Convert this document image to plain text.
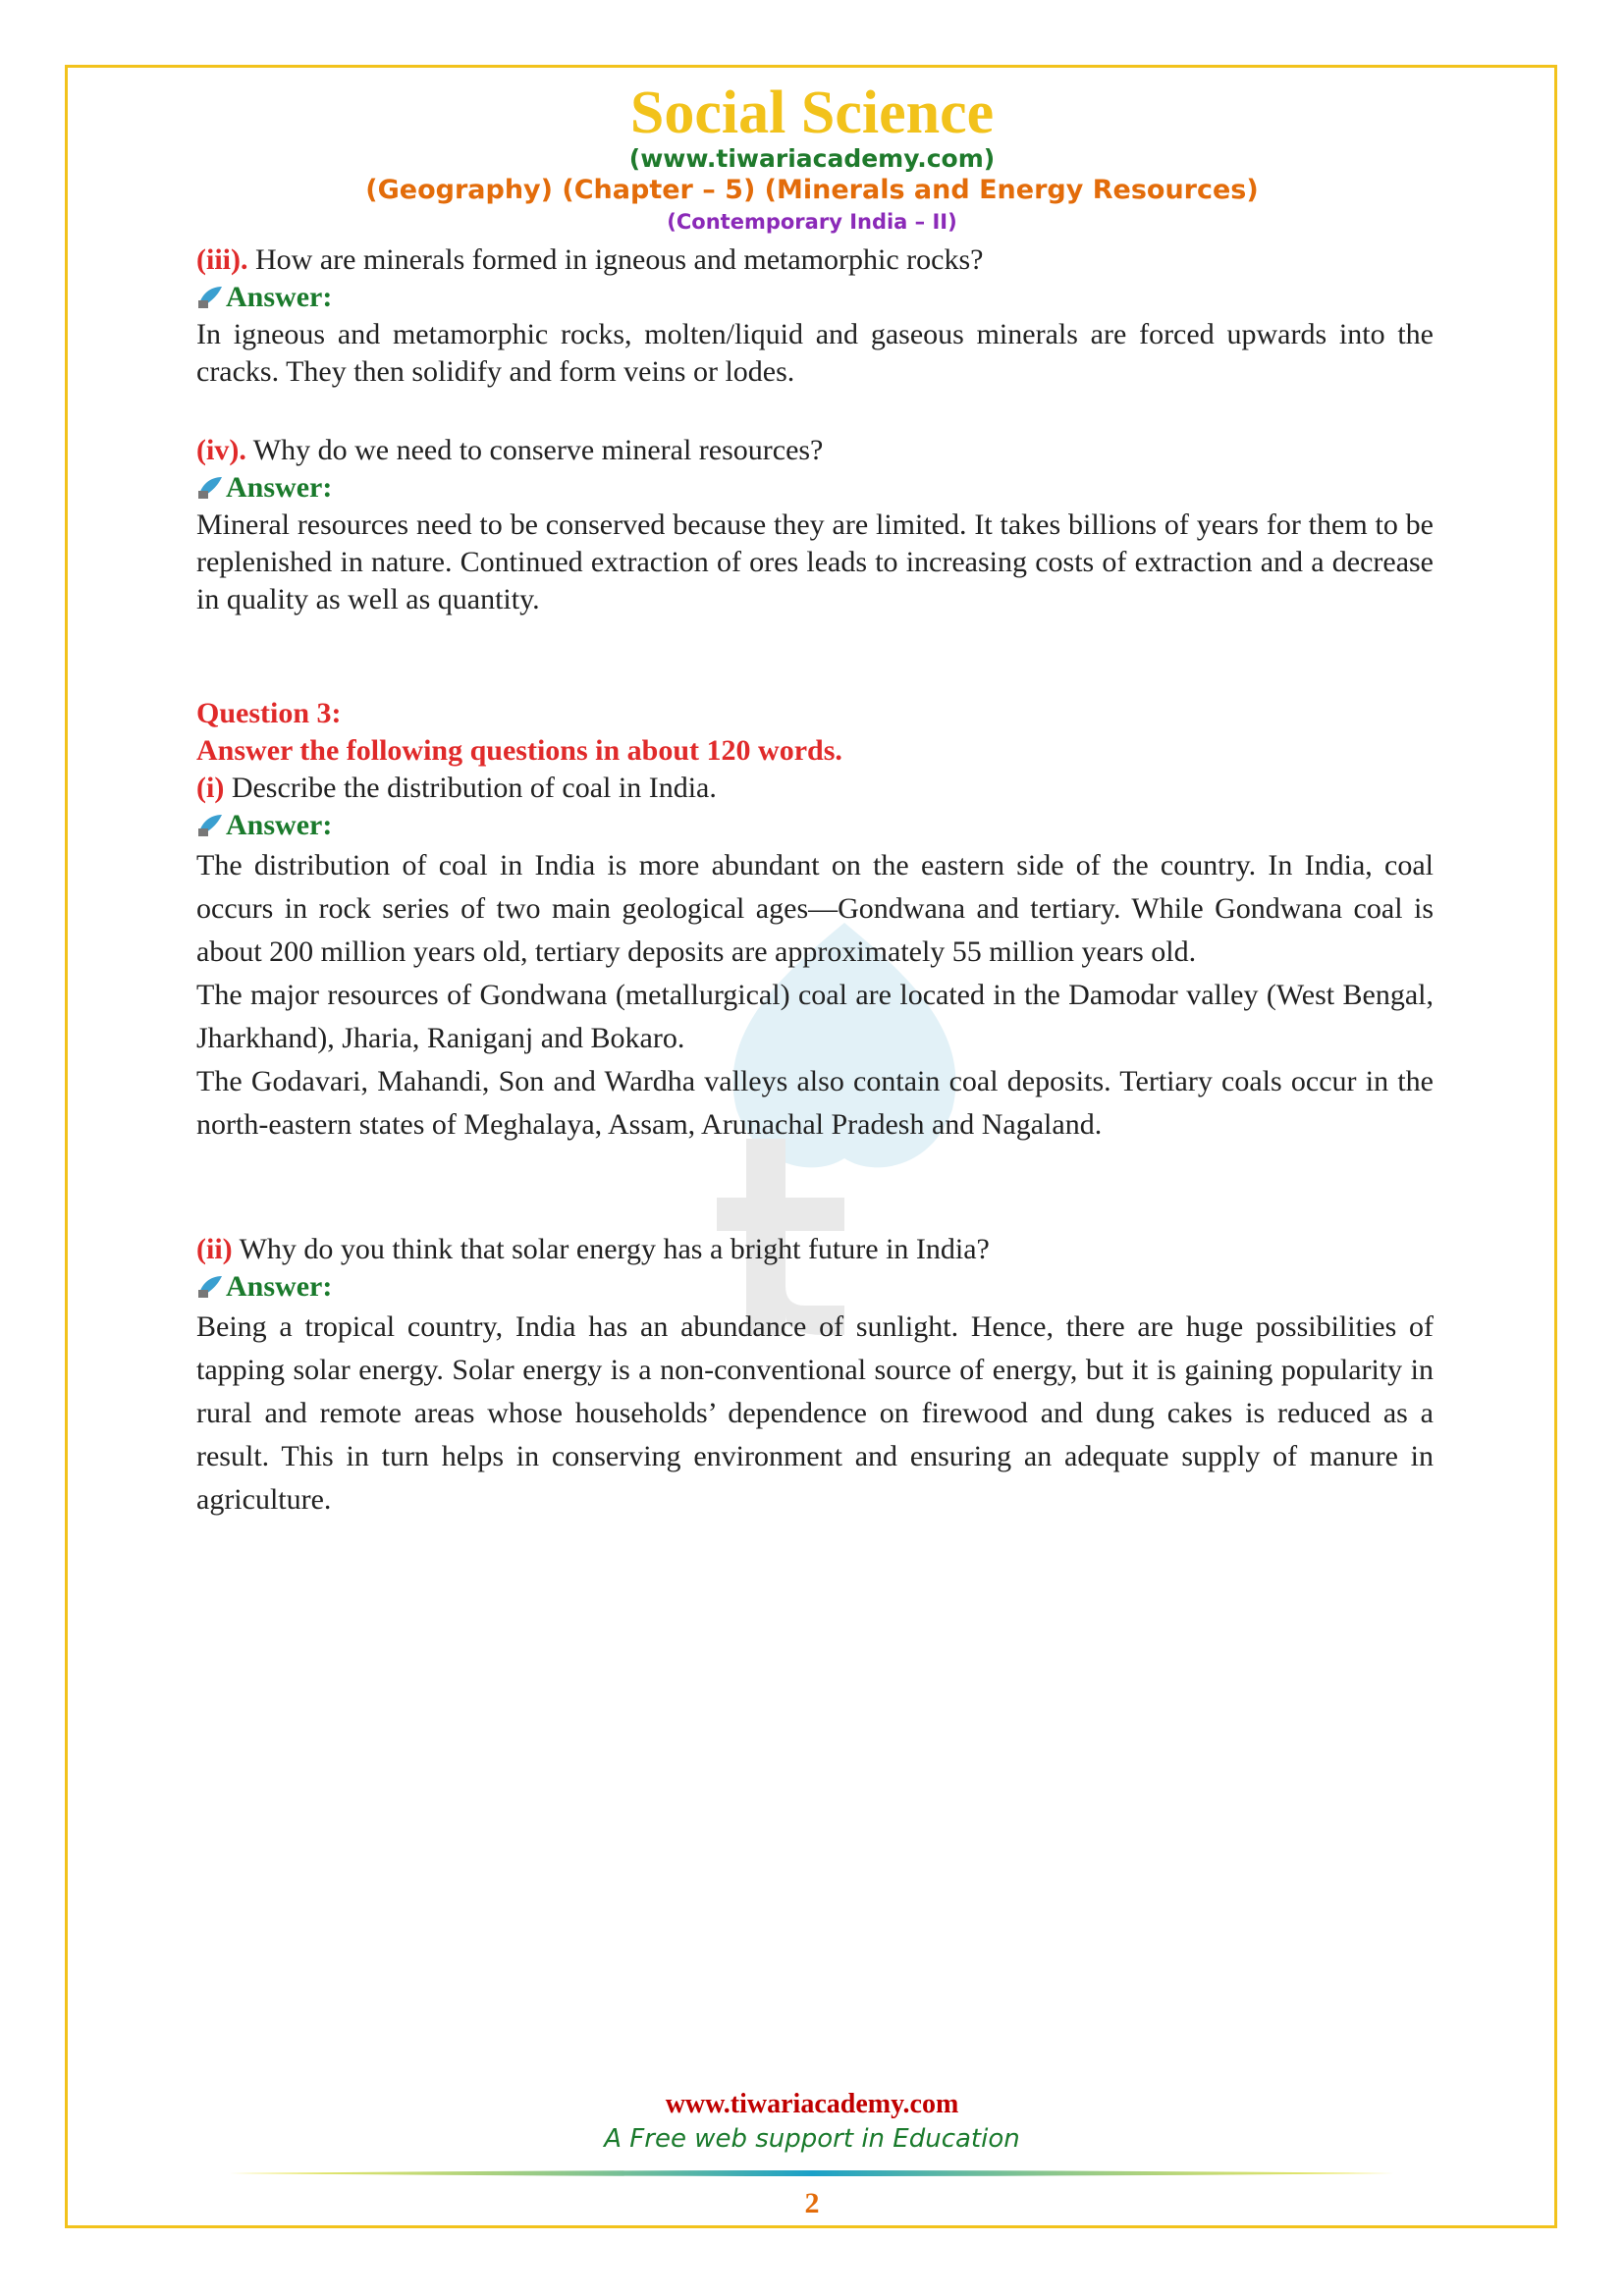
Social Science
(www.tiwariacademy.com)
(Geography) (Chapter – 5) (Minerals and Energy Resources)
(Contemporary India – II)
(iii). How are minerals formed in igneous and metamorphic rocks?
Answer:

In igneous and metamorphic rocks, molten/liquid and gaseous minerals are forced upwards into the cracks. They then solidify and form veins or lodes.

(iv). Why do we need to conserve mineral resources?
Answer:

Mineral resources need to be conserved because they are limited. It takes billions of years for them to be replenished in nature. Continued extraction of ores leads to increasing costs of extraction and a decrease in quality as well as quantity.

Question 3:
Answer the following questions in about 120 words.
(i) Describe the distribution of coal in India.
Answer:

The distribution of coal in India is more abundant on the eastern side of the country. In India, coal occurs in rock series of two main geological ages—Gondwana and tertiary. While Gondwana coal is about 200 million years old, tertiary deposits are approximately 55 million years old.

The major resources of Gondwana (metallurgical) coal are located in the Damodar valley (West Bengal, Jharkhand), Jharia, Raniganj and Bokaro.

The Godavari, Mahandi, Son and Wardha valleys also contain coal deposits. Tertiary coals occur in the north-eastern states of Meghalaya, Assam, Arunachal Pradesh and Nagaland.

(ii) Why do you think that solar energy has a bright future in India?
Answer:

Being a tropical country, India has an abundance of sunlight. Hence, there are huge possibilities of tapping solar energy. Solar energy is a non-conventional source of energy, but it is gaining popularity in rural and remote areas whose households’ dependence on firewood and dung cakes is reduced as a result. This in turn helps in conserving environment and ensuring an adequate supply of manure in agriculture.

www.tiwariacademy.com
A Free web support in Education
2
